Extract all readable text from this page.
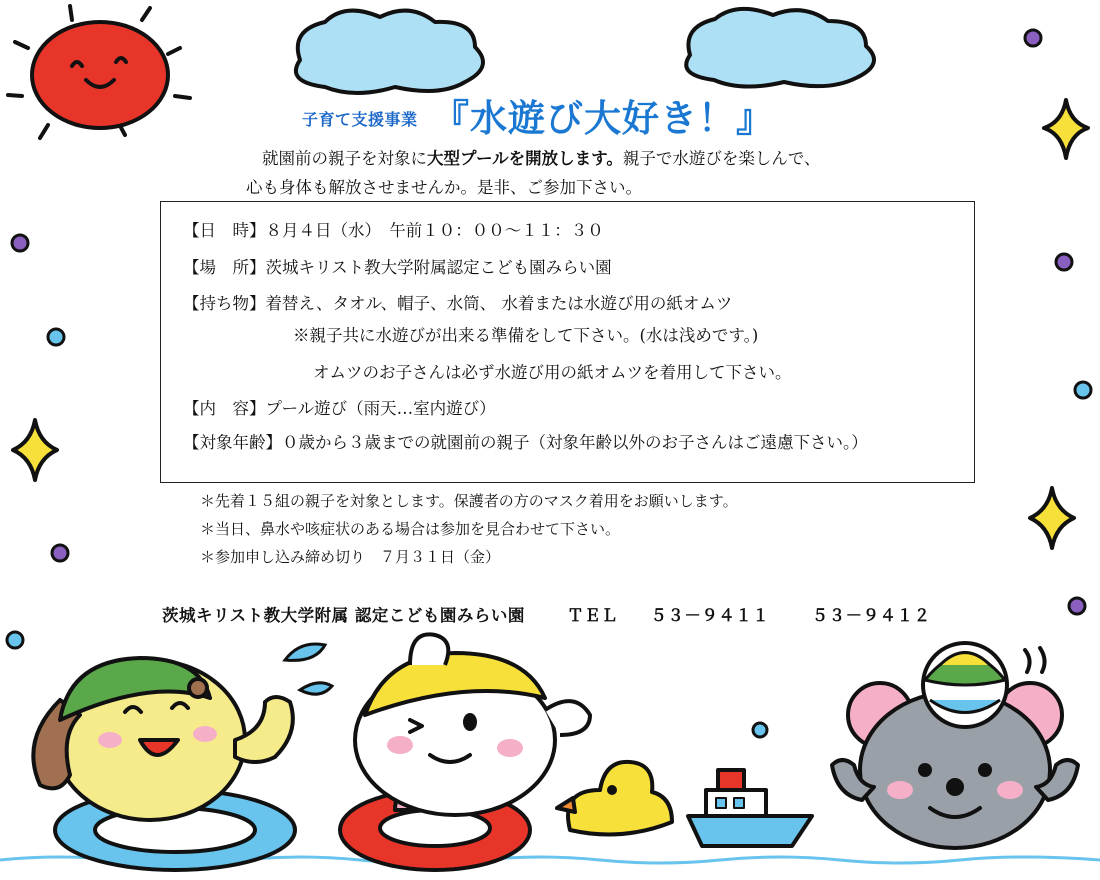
子育て支援事業 『水遊び大好き！』
就園前の親子を対象に大型プールを開放します。親子で水遊びを楽しんで、
心も身体も解放させませんか。是非、ご参加下さい。
【日　時】８月４日（水）　午前１０：００～１１：３０
【場　所】茨城キリスト教大学附属認定こども園みらい園
【持ち物】着替え、タオル、帽子、水筒、 水着または水遊び用の紙オムツ
※親子共に水遊びが出来る準備をして下さい。(水は浅めです。)
オムツのお子さんは必ず水遊び用の紙オムツを着用して下さい。
【内　容】プール遊び（雨天…室内遊び）
【対象年齢】０歳から３歳までの就園前の親子（対象年齢以外のお子さんはご遠慮下さい。）
＊先着１５組の親子を対象とします。保護者の方のマスク着用をお願いします。
＊当日、鼻水や咳症状のある場合は参加を見合わせて下さい。
＊参加申し込み締め切り　７月３１日（金）
茨城キリスト教大学附属 認定こども園みらい園	ＴＥＬ ５３－９４１１	５３－９４１２
